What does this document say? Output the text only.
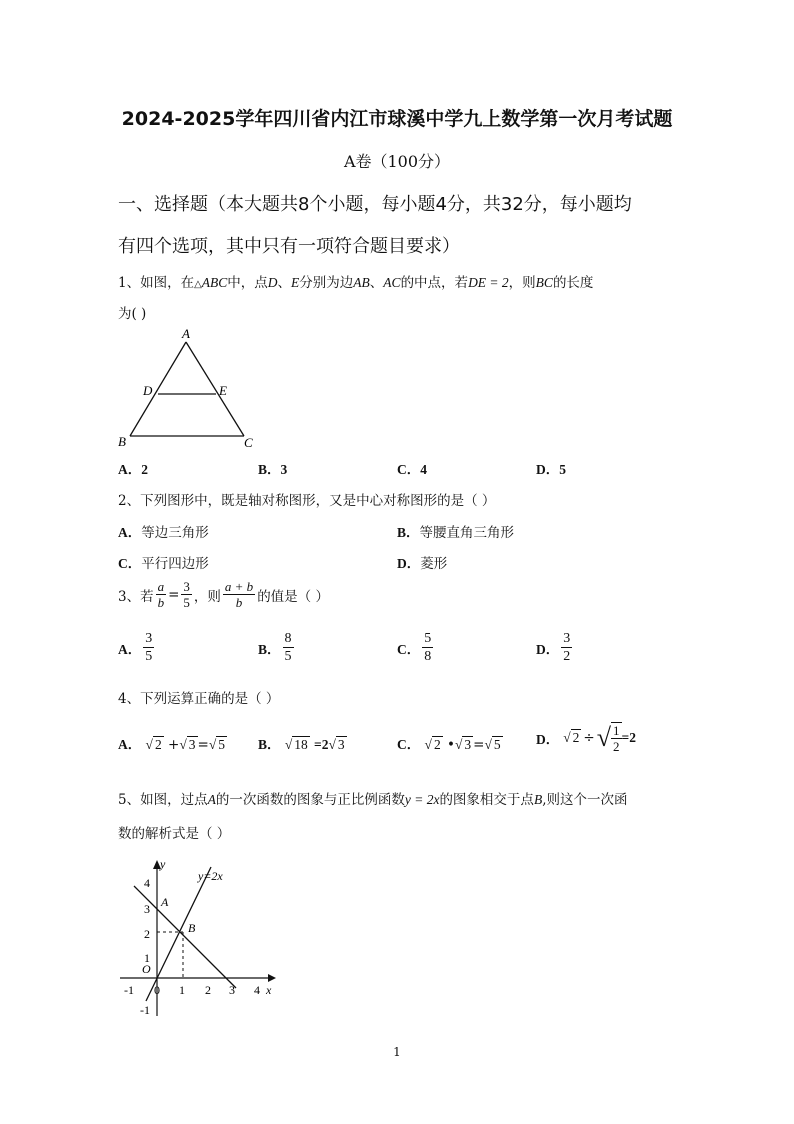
2024-2025学年四川省内江市球溪中学九上数学第一次月考试题
A卷（100分）
一、选择题（本大题共8个小题，每小题4分，共32分，每小题均
有四个选项，其中只有一项符合题目要求）
1、如图，在△ABC中，点D、E分别为边AB、AC的中点，若DE = 2，则BC的长度
为( )
A
D	E
B	C
A．2	B．3	C．4	D．5
2、下列图形中，既是轴对称图形，又是中心对称图形的是（ ）
A．等边三角形	B．等腰直角三角形
C．平行四边形	D．菱形
3、若 $\frac{a}{b} = \frac{3}{5}$ ，则 $\frac{a + b}{b}$ 的值是（ ）
A． $\frac{3}{5}$	B． $\frac{8}{5}$	C． $\frac{5}{8}$	D． $\frac{3}{2}$
4、下列运算正确的是（ ）
A． √ 2 +√ 3 =√ 5 B． √ 18 =2√ 3	C． √ 2 •√ 3 =√ 5	D． √ 2 ÷ √ $\frac{1}{2} =2$
5、如图，过点A的一次函数的图象与正比例函数y = 2x的图象相交于点B,则这个一次函
数的解析式是（ ）
y
x
y=2x
A
B
O
4
3
2
1
-1
-1 0 1 2 3 4
1
